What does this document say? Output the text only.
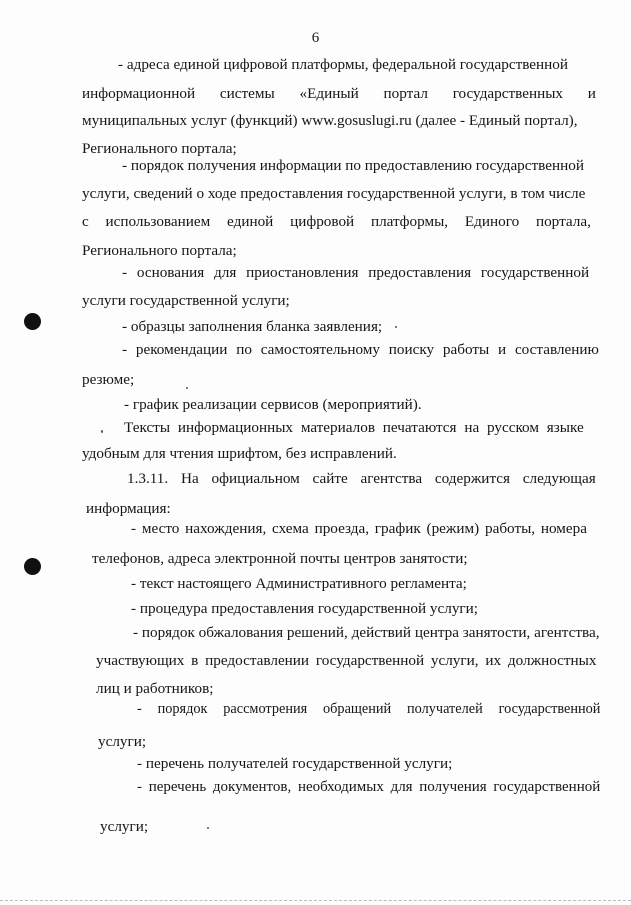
6
- адреса единой цифровой платформы, федеральной государственной
информационной системы «Единый портал государственных и
муниципальных услуг (функций) www.gosuslugi.ru (далее - Единый портал),
Регионального портала;
- порядок получения информации по предоставлению государственной
услуги, сведений о ходе предоставления государственной услуги, в том числе
с использованием единой цифровой платформы, Единого портала,
Регионального портала;
- основания для приостановления предоставления государственной
услуги государственной услуги;
- образцы заполнения бланка заявления;
- рекомендации по самостоятельному поиску работы и составлению
резюме;
- график реализации сервисов (мероприятий).
Тексты информационных материалов печатаются на русском языке
удобным для чтения шрифтом, без исправлений.
1.3.11. На официальном сайте агентства содержится следующая
информация:
- место нахождения, схема проезда, график (режим) работы, номера
телефонов, адреса электронной почты центров занятости;
- текст настоящего Административного регламента;
- процедура предоставления государственной услуги;
- порядок обжалования решений, действий центра занятости, агентства,
участвующих в предоставлении государственной услуги, их должностных
лиц и работников;
- порядок рассмотрения обращений получателей государственной
услуги;
- перечень получателей государственной услуги;
- перечень документов, необходимых для получения государственной
услуги;
